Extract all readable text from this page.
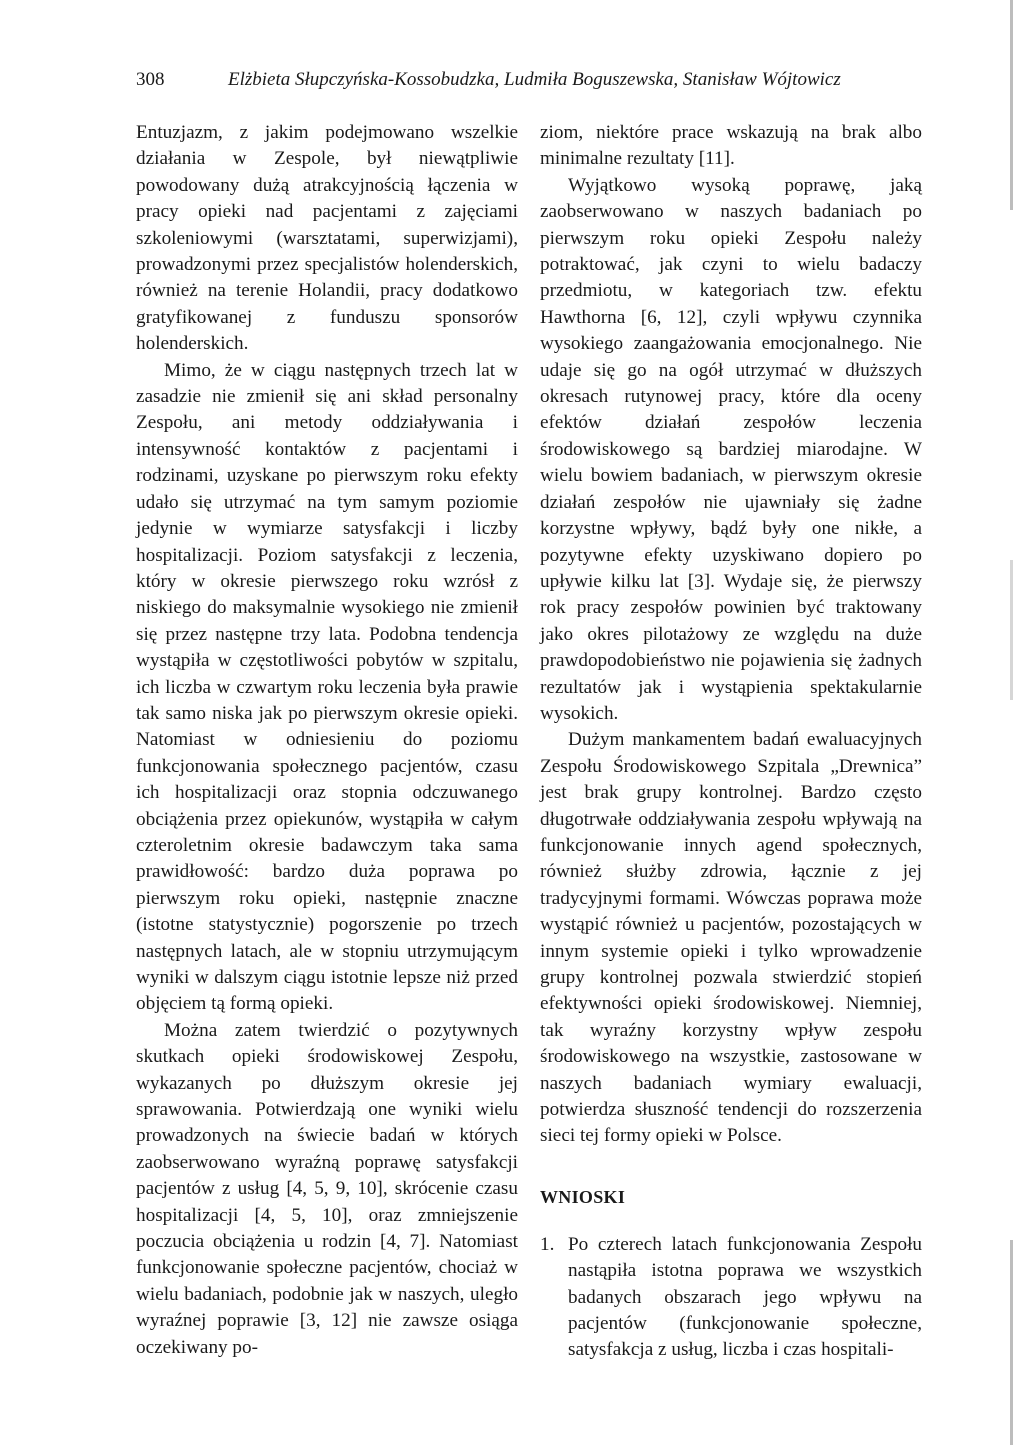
308	Elżbieta Słupczyńska-Kossobudzka, Ludmiła Boguszewska, Stanisław Wójtowicz

Entuzjazm, z jakim podejmowano wszelkie działania w Zespole, był niewątpliwie powodowany dużą atrakcyjnością łączenia w pracy opieki nad pacjentami z zajęciami szkoleniowymi (warsztatami, superwizjami), prowadzonymi przez specjalistów holenderskich, również na terenie Holandii, pracy dodatkowo gratyfikowanej z funduszu sponsorów holenderskich.

Mimo, że w ciągu następnych trzech lat w zasadzie nie zmienił się ani skład personalny Zespołu, ani metody oddziaływania i intensywność kontaktów z pacjentami i rodzinami, uzyskane po pierwszym roku efekty udało się utrzymać na tym samym poziomie jedynie w wymiarze satysfakcji i liczby hospitalizacji. Poziom satysfakcji z leczenia, który w okresie pierwszego roku wzrósł z niskiego do maksymalnie wysokiego nie zmienił się przez następne trzy lata. Podobna tendencja wystąpiła w częstotliwości pobytów w szpitalu, ich liczba w czwartym roku leczenia była prawie tak samo niska jak po pierwszym okresie opieki. Natomiast w odniesieniu do poziomu funkcjonowania społecznego pacjentów, czasu ich hospitalizacji oraz stopnia odczuwanego obciążenia przez opiekunów, wystąpiła w całym czteroletnim okresie badawczym taka sama prawidłowość: bardzo duża poprawa po pierwszym roku opieki, następnie znaczne (istotne statystycznie) pogorszenie po trzech następnych latach, ale w stopniu utrzymującym wyniki w dalszym ciągu istotnie lepsze niż przed objęciem tą formą opieki.

Można zatem twierdzić o pozytywnych skutkach opieki środowiskowej Zespołu, wykazanych po dłuższym okresie jej sprawowania. Potwierdzają one wyniki wielu prowadzonych na świecie badań w których zaobserwowano wyraźną poprawę satysfakcji pacjentów z usług [4, 5, 9, 10], skrócenie czasu hospitalizacji [4, 5, 10], oraz zmniejszenie poczucia obciążenia u rodzin [4, 7]. Natomiast funkcjonowanie społeczne pacjentów, chociaż w wielu badaniach, podobnie jak w naszych, uległo wyraźnej poprawie [3, 12] nie zawsze osiąga oczekiwany po-

ziom, niektóre prace wskazują na brak albo minimalne rezultaty [11].

Wyjątkowo wysoką poprawę, jaką zaobserwowano w naszych badaniach po pierwszym roku opieki Zespołu należy potraktować, jak czyni to wielu badaczy przedmiotu, w kategoriach tzw. efektu Hawthorna [6, 12], czyli wpływu czynnika wysokiego zaangażowania emocjonalnego. Nie udaje się go na ogół utrzymać w dłuższych okresach rutynowej pracy, które dla oceny efektów działań zespołów leczenia środowiskowego są bardziej miarodajne. W wielu bowiem badaniach, w pierwszym okresie działań zespołów nie ujawniały się żadne korzystne wpływy, bądź były one nikłe, a pozytywne efekty uzyskiwano dopiero po upływie kilku lat [3]. Wydaje się, że pierwszy rok pracy zespołów powinien być traktowany jako okres pilotażowy ze względu na duże prawdopodobieństwo nie pojawienia się żadnych rezultatów jak i wystąpienia spektakularnie wysokich.

Dużym mankamentem badań ewaluacyjnych Zespołu Środowiskowego Szpitala „Drewnica” jest brak grupy kontrolnej. Bardzo często długotrwałe oddziaływania zespołu wpływają na funkcjonowanie innych agend społecznych, również służby zdrowia, łącznie z jej tradycyjnymi formami. Wówczas poprawa może wystąpić również u pacjentów, pozostających w innym systemie opieki i tylko wprowadzenie grupy kontrolnej pozwala stwierdzić stopień efektywności opieki środowiskowej. Niemniej, tak wyraźny korzystny wpływ zespołu środowiskowego na wszystkie, zastosowane w naszych badaniach wymiary ewaluacji, potwierdza słuszność tendencji do rozszerzenia sieci tej formy opieki w Polsce.

WNIOSKI
1. Po czterech latach funkcjonowania Zespołu nastąpiła istotna poprawa we wszystkich badanych obszarach jego wpływu na pacjentów (funkcjonowanie społeczne, satysfakcja z usług, liczba i czas hospitali-
